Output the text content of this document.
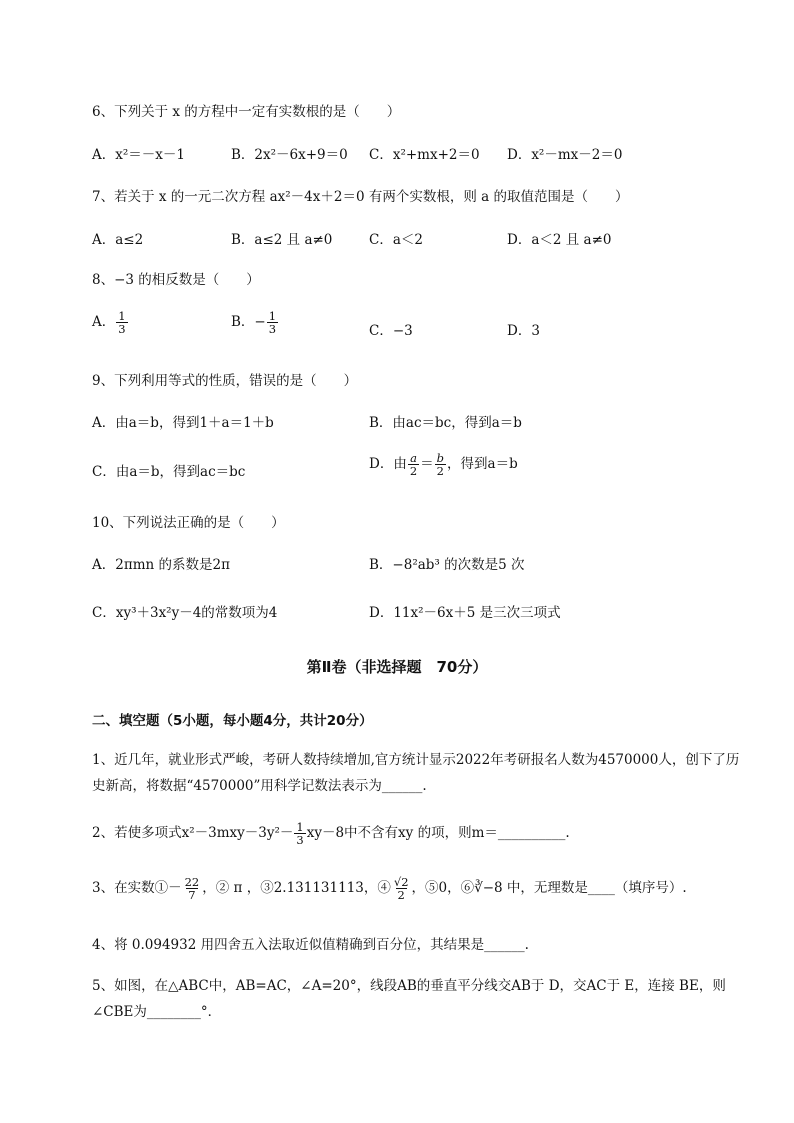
6、下列关于 x 的方程中一定有实数根的是（　　）
A．x²＝－x－1	B．2x²－6x+9＝0 C．x²+mx+2＝0 D．x²－mx－2＝0
7、若关于 x 的一元二次方程 ax²－4x＋2＝0 有两个实数根，则 a 的取值范围是（　　）
A．a≤2	B．a≤2 且 a≠0	C．a＜2	D．a＜2 且 a≠0
8、−3 的相反数是（　　）
A． $\frac{1}{3}$	B．− $\frac{1}{3}$	C．−3	D．3
9、下列利用等式的性质，错误的是（　　）
A．由a＝b，得到1＋a＝1＋b	B．由ac＝bc，得到a＝b
C．由a＝b，得到ac＝bc	D．由 $\frac{a}{2} = \frac{b}{2}$ ，得到a＝b
10、下列说法正确的是（　　）
A．2πmn 的系数是2π	B．−8²ab³ 的次数是5 次
C．xy³＋3x²y－4的常数项为4	D．11x²－6x＋5 是三次三项式
第Ⅱ卷（非选择题　70分）
二、填空题（5小题，每小题4分，共计20分）
1、近几年，就业形式严峻，考研人数持续增加,官方统计显示2022年考研报名人数为4570000人，创下了历史新高，将数据“4570000”用科学记数法表示为______.
2、若使多项式$x^2-3mxy-3y^2- \frac{1}{3} xy-8$中不含有xy 的项，则m＝__________.
3、在实数①－ $\frac{22}{7}$ ，② π ，③2.131131113，④ $\frac{√2}{2}$ ，⑤0，⑥∛−8 中，无理数是____（填序号）.
4、将 0.094932 用四舍五入法取近似值精确到百分位，其结果是______.
5、如图，在△ABC中，AB=AC，∠A=20°，线段AB的垂直平分线交AB于 D，交AC于 E，连接 BE，则∠CBE为________°．
